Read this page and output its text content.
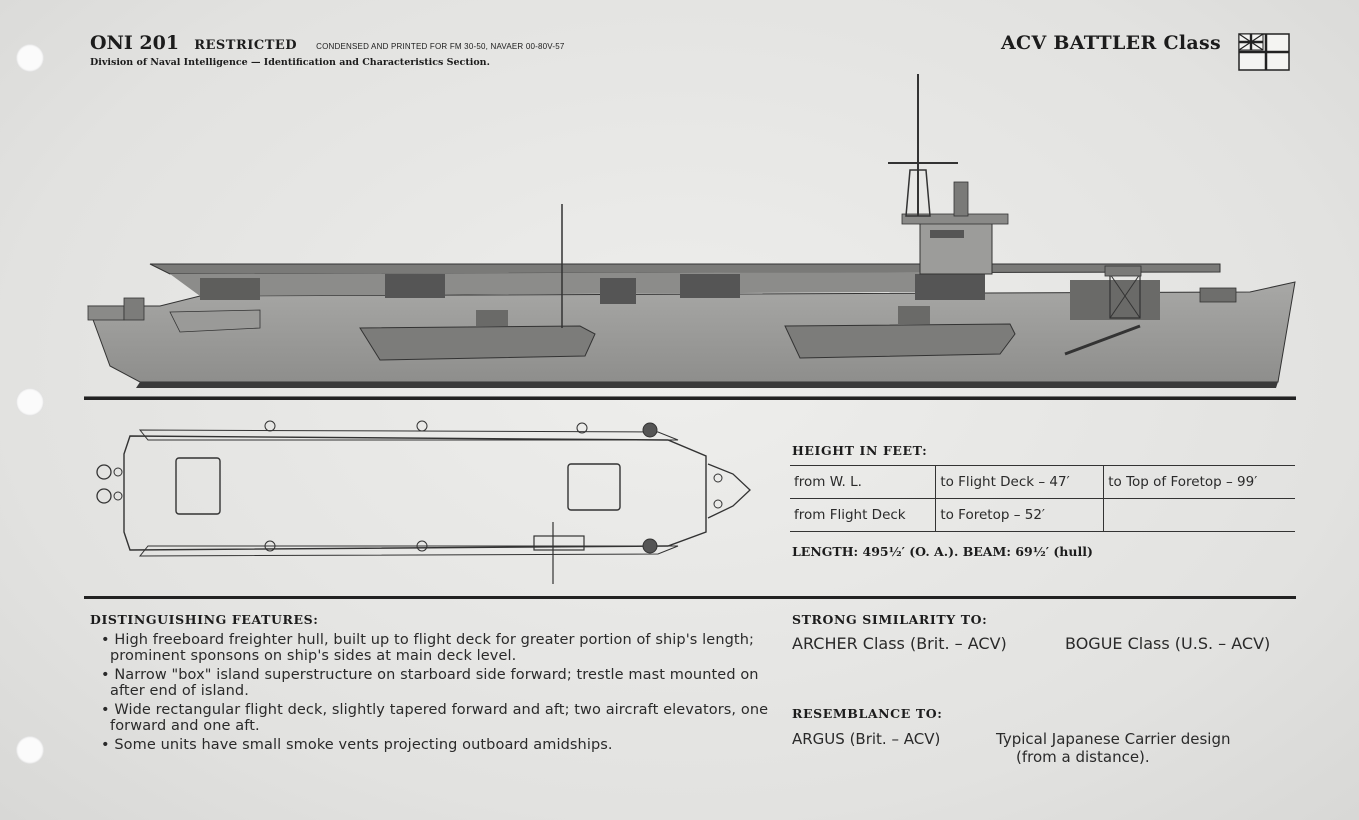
ONI 201 RESTRICTED CONDENSED AND PRINTED FOR FM 30-50, NAVAER 00-80V-57
Division of Naval Intelligence — Identification and Characteristics Section.
ACV BATTLER Class
HEIGHT IN FEET:
from W. L.	to Flight Deck – 47′	to Top of Foretop – 99′
from Flight Deck	to Foretop – 52′	
LENGTH: 495½′ (O. A.). BEAM: 69½′ (hull)
DISTINGUISHING FEATURES:
• High freeboard freighter hull, built up to flight deck for greater portion of ship's length; prominent sponsons on ship's sides at main deck level.
• Narrow "box" island superstructure on starboard side forward; trestle mast mounted on after end of island.
• Wide rectangular flight deck, slightly tapered forward and aft; two aircraft elevators, one forward and one aft.
• Some units have small smoke vents projecting outboard amidships.
STRONG SIMILARITY TO:
ARCHER Class (Brit. – ACV)	BOGUE Class (U.S. – ACV)
RESEMBLANCE TO:
ARGUS (Brit. – ACV)	Typical Japanese Carrier design
(from a distance).
